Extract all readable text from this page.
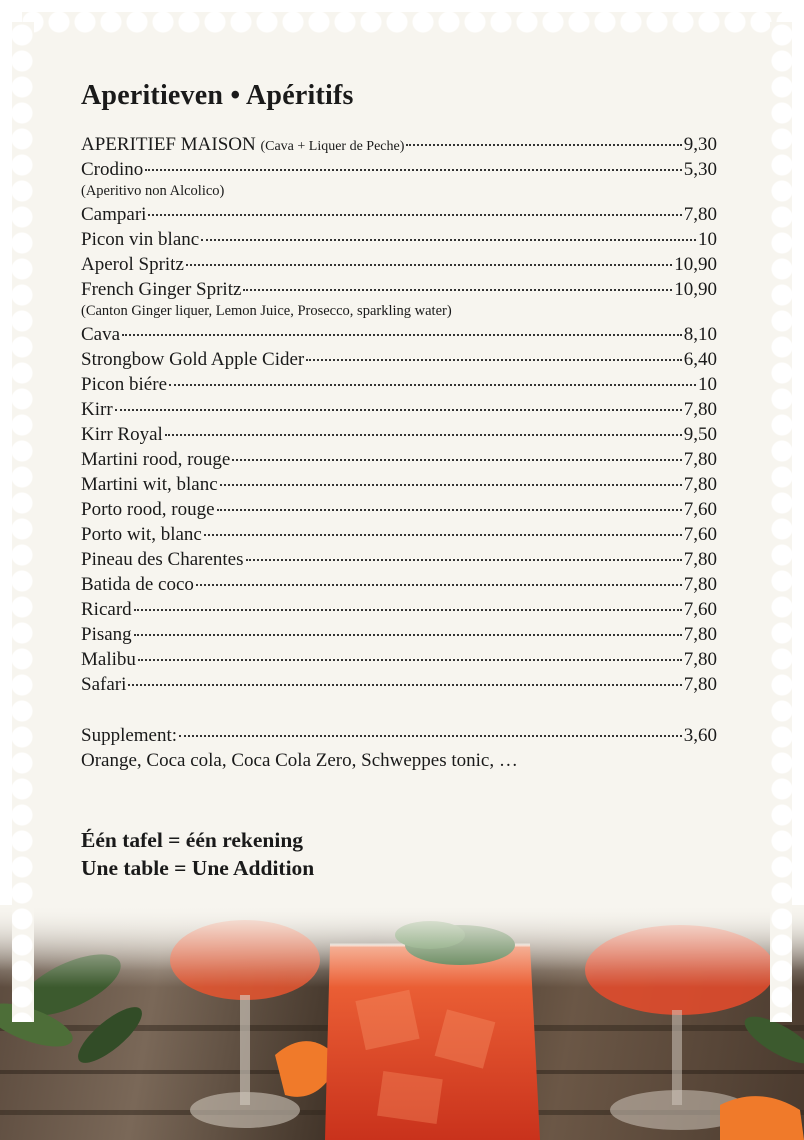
Aperitieven • Apéritifs
APERITIEF MAISON (Cava + Liquer de Peche)	9,30
Crodino	5,30
(Aperitivo non Alcolico)
Campari	7,80
Picon vin blanc	10
Aperol Spritz	10,90
French Ginger Spritz	10,90
(Canton Ginger liquer, Lemon Juice, Prosecco, sparkling water)
Cava	8,10
Strongbow Gold Apple Cider	6,40
Picon biére	10
Kirr	7,80
Kirr Royal	9,50
Martini rood, rouge	7,80
Martini wit, blanc	7,80
Porto rood, rouge	7,60
Porto wit, blanc	7,60
Pineau des Charentes	7,80
Batida de coco	7,80
Ricard	7,60
Pisang	7,80
Malibu	7,80
Safari	7,80
Supplement:	3,60
Orange, Coca cola, Coca Cola Zero, Schweppes tonic, …
Één tafel = één rekening
Une table = Une Addition
